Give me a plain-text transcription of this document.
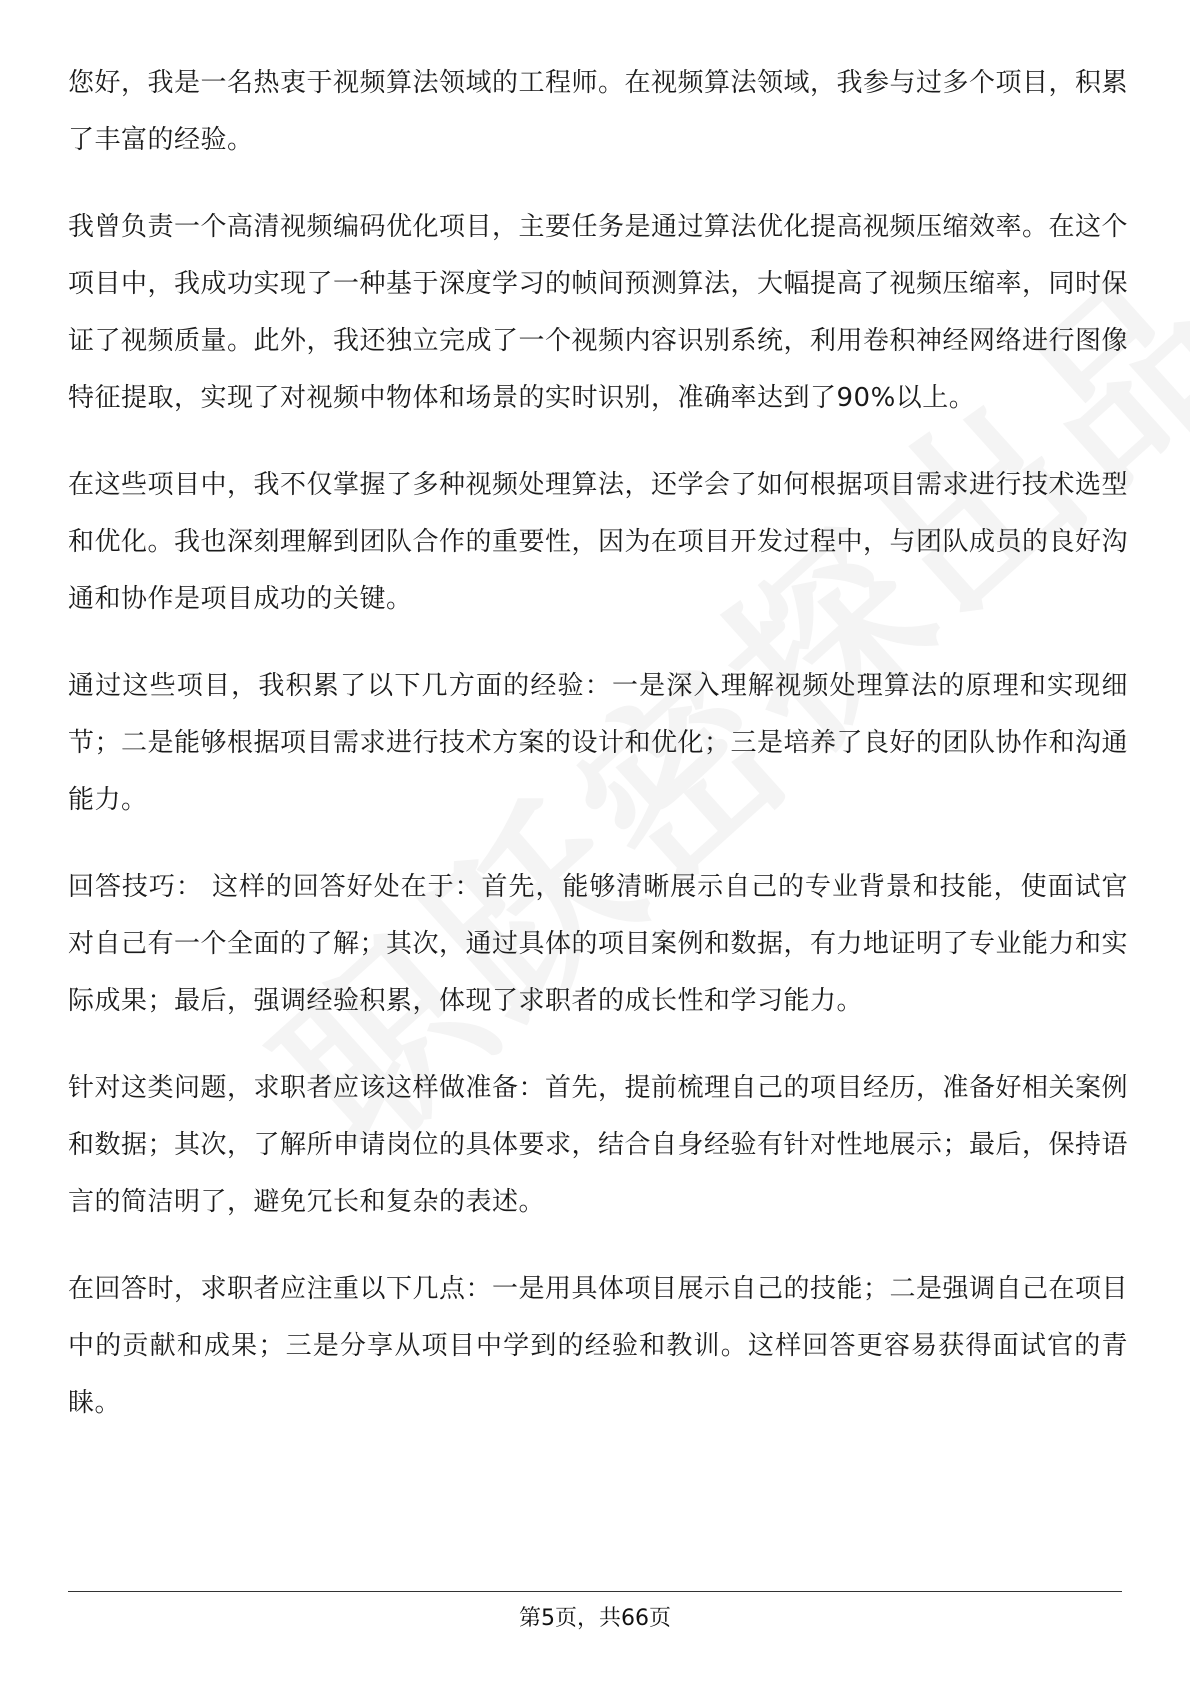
您好，我是一名热衷于视频算法领域的工程师。在视频算法领域，我参与过多个项目，积累了丰富的经验。

我曾负责一个高清视频编码优化项目，主要任务是通过算法优化提高视频压缩效率。在这个项目中，我成功实现了一种基于深度学习的帧间预测算法，大幅提高了视频压缩率，同时保证了视频质量。此外，我还独立完成了一个视频内容识别系统，利用卷积神经网络进行图像特征提取，实现了对视频中物体和场景的实时识别，准确率达到了90%以上。

在这些项目中，我不仅掌握了多种视频处理算法，还学会了如何根据项目需求进行技术选型和优化。我也深刻理解到团队合作的重要性，因为在项目开发过程中，与团队成员的良好沟通和协作是项目成功的关键。

通过这些项目，我积累了以下几方面的经验：一是深入理解视频处理算法的原理和实现细节；二是能够根据项目需求进行技术方案的设计和优化；三是培养了良好的团队协作和沟通能力。

回答技巧： 这样的回答好处在于：首先，能够清晰展示自己的专业背景和技能，使面试官对自己有一个全面的了解；其次，通过具体的项目案例和数据，有力地证明了专业能力和实际成果；最后，强调经验积累，体现了求职者的成长性和学习能力。

针对这类问题，求职者应该这样做准备：首先，提前梳理自己的项目经历，准备好相关案例和数据；其次，了解所申请岗位的具体要求，结合自身经验有针对性地展示；最后，保持语言的简洁明了，避免冗长和复杂的表述。

在回答时，求职者应注重以下几点：一是用具体项目展示自己的技能；二是强调自己在项目中的贡献和成果；三是分享从项目中学到的经验和教训。这样回答更容易获得面试官的青睐。

第5页，共66页
